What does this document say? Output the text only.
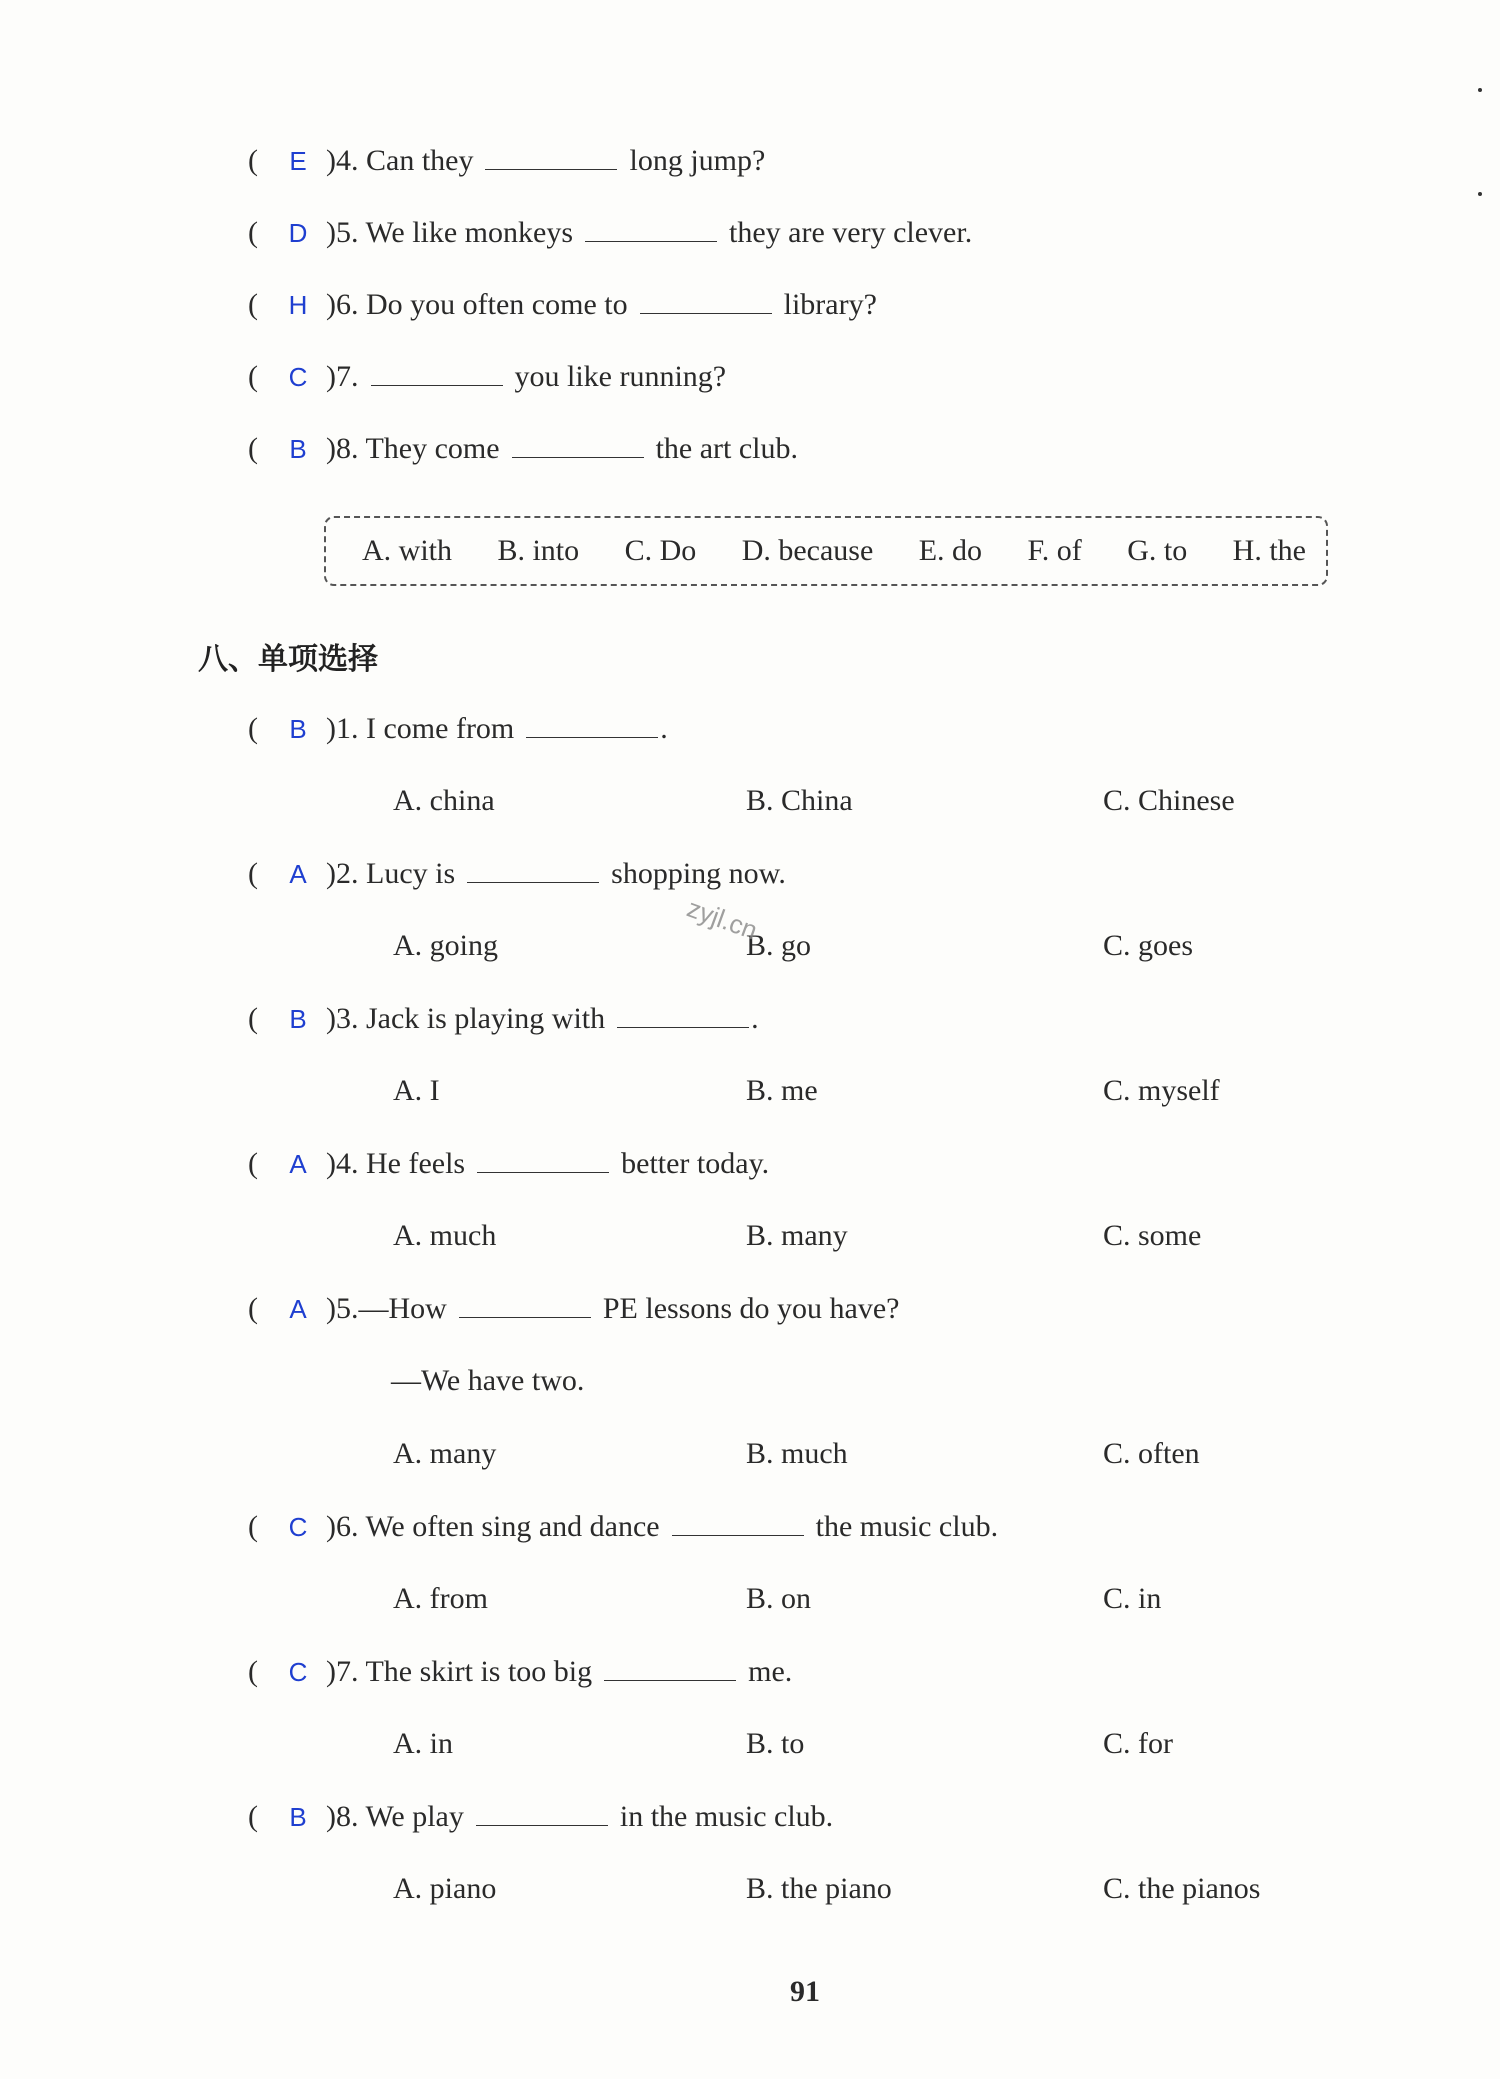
( E )4. Can they	long jump?
( D )5. We like monkeys	they are very clever.
( H )6. Do you often come to	library?
( C )7.	you like running?
( B )8. They come	the art club.
A. with B. into C. Do D. because E. do F. of G. to H. the
八、单项选择
( B )1. I come from	.
A. china	B. China	C. Chinese
( A )2. Lucy is	shopping now.
A. going	B. go	C. goes
zyjl.cn
( B )3. Jack is playing with	.
A. I	B. me	C. myself
( A )4. He feels	better today.
A. much	B. many	C. some
( A )5.—How	PE lessons do you have?
—We have two.
A. many	B. much	C. often
( C )6. We often sing and dance	the music club.
A. from	B. on	C. in
( C )7. The skirt is too big	me.
A. in	B. to	C. for
( B )8. We play	in the music club.
A. piano	B. the piano	C. the pianos
91
